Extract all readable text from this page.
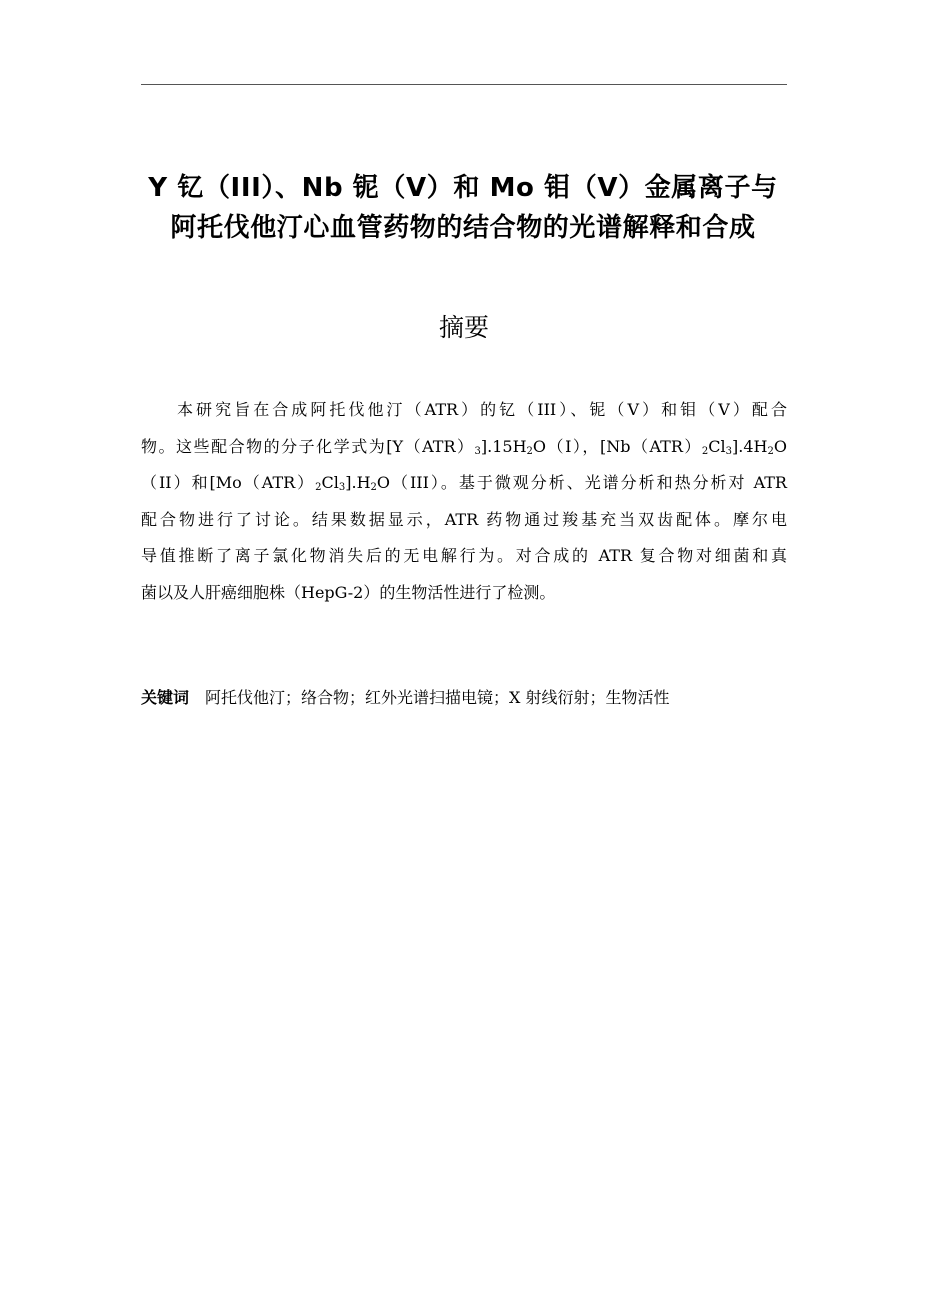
Y 钇（III）、Nb 铌（V）和 Mo 钼（V）金属离子与
阿托伐他汀心血管药物的结合物的光谱解释和合成
摘要
本研究旨在合成阿托伐他汀（ATR）的钇（III）、铌（V）和钼（V）配合
物。这些配合物的分子化学式为$[Y(ATR)_3].15H_2O(I)$，$[Nb(ATR)_2Cl_3].4H_2O$
（II）和$[Mo(ATR)_2Cl_3].H_2O(III)$。基于微观分析、光谱分析和热分析对 ATR
配合物进行了讨论。结果数据显示，ATR 药物通过羧基充当双齿配体。摩尔电
导值推断了离子氯化物消失后的无电解行为。对合成的 ATR 复合物对细菌和真
菌以及人肝癌细胞株（HepG-2）的生物活性进行了检测。
关键词 阿托伐他汀；络合物；红外光谱扫描电镜；X 射线衍射；生物活性
